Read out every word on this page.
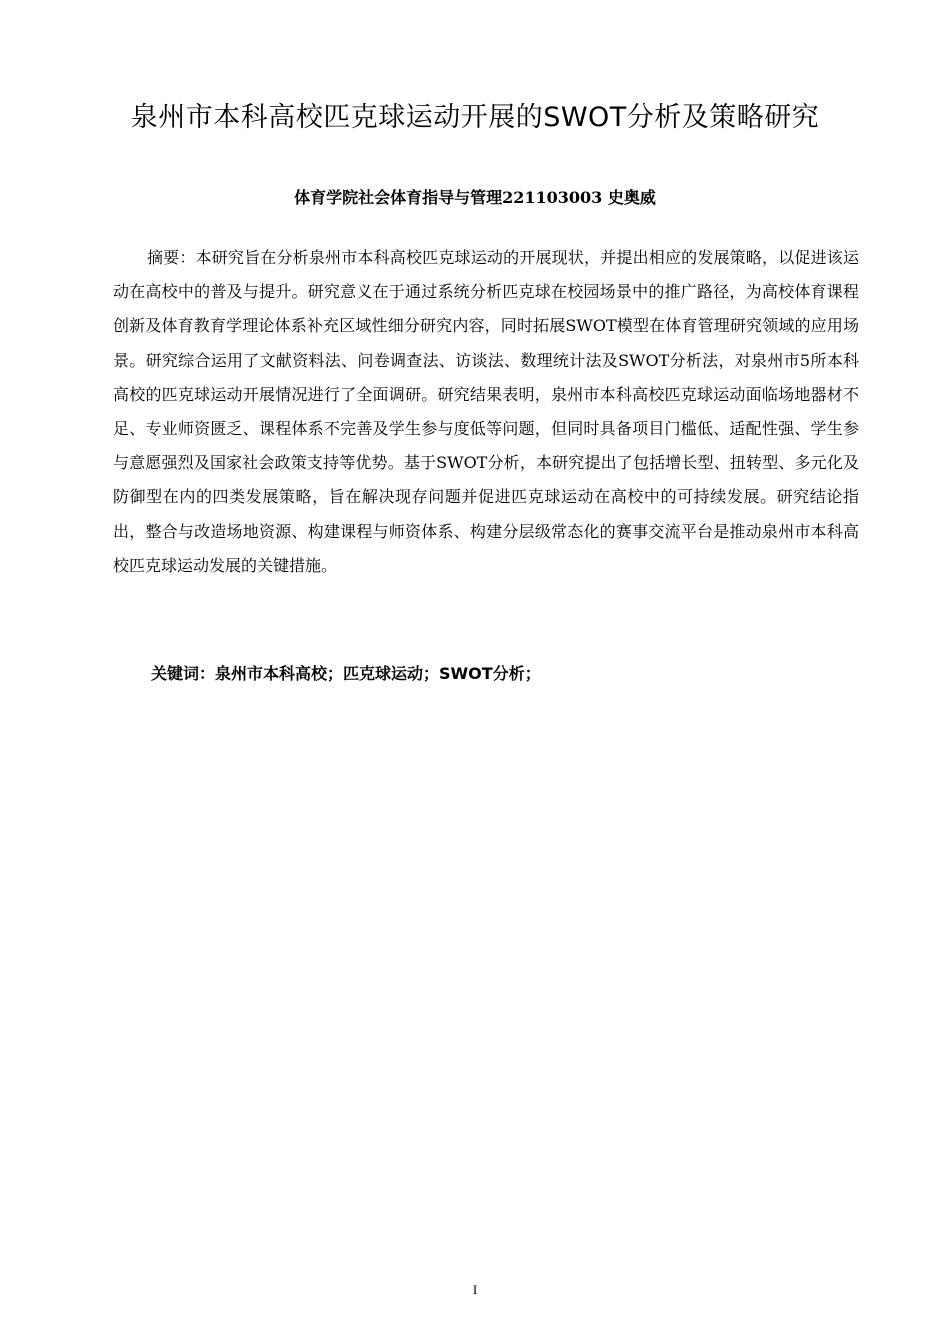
泉州市本科高校匹克球运动开展的SWOT分析及策略研究
体育学院社会体育指导与管理221103003 史奥威

摘要：本研究旨在分析泉州市本科高校匹克球运动的开展现状，并提出相应的发展策略，以促进该运动在高校中的普及与提升。研究意义在于通过系统分析匹克球在校园场景中的推广路径，为高校体育课程创新及体育教育学理论体系补充区域性细分研究内容，同时拓展SWOT模型在体育管理研究领域的应用场景。研究综合运用了文献资料法、问卷调查法、访谈法、数理统计法及SWOT分析法，对泉州市5所本科高校的匹克球运动开展情况进行了全面调研。研究结果表明，泉州市本科高校匹克球运动面临场地器材不足、专业师资匮乏、课程体系不完善及学生参与度低等问题，但同时具备项目门槛低、适配性强、学生参与意愿强烈及国家社会政策支持等优势。基于SWOT分析，本研究提出了包括增长型、扭转型、多元化及防御型在内的四类发展策略，旨在解决现存问题并促进匹克球运动在高校中的可持续发展。研究结论指出，整合与改造场地资源、构建课程与师资体系、构建分层级常态化的赛事交流平台是推动泉州市本科高校匹克球运动发展的关键措施。

关键词：泉州市本科高校；匹克球运动；SWOT分析；
I
